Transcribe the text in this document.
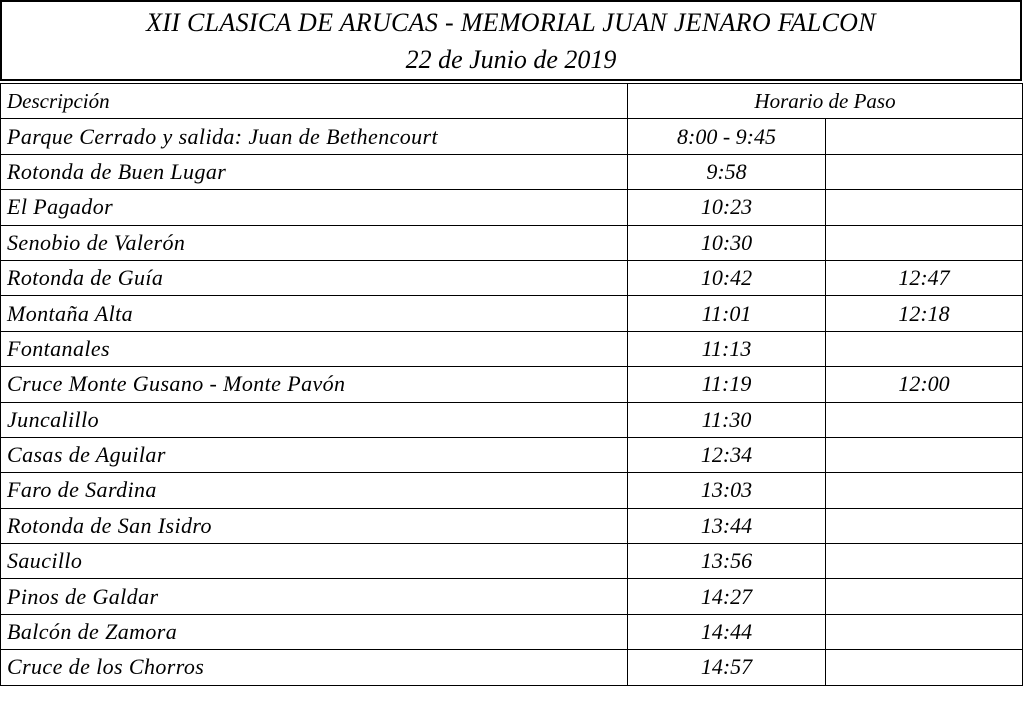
XII CLASICA DE ARUCAS - MEMORIAL JUAN JENARO FALCON
22 de Junio de 2019
Descripción	Horario de Paso	
Parque Cerrado y salida: Juan de Bethencourt	8:00 - 9:45	
Rotonda de Buen Lugar	9:58	
El Pagador	10:23	
Senobio de Valerón	10:30	
Rotonda de Guía	10:42	12:47
Montaña Alta	11:01	12:18
Fontanales	11:13	
Cruce Monte Gusano - Monte Pavón	11:19	12:00
Juncalillo	11:30	
Casas de Aguilar	12:34	
Faro de Sardina	13:03	
Rotonda de San Isidro	13:44	
Saucillo	13:56	
Pinos de Galdar	14:27	
Balcón de Zamora	14:44	
Cruce de los Chorros	14:57	
